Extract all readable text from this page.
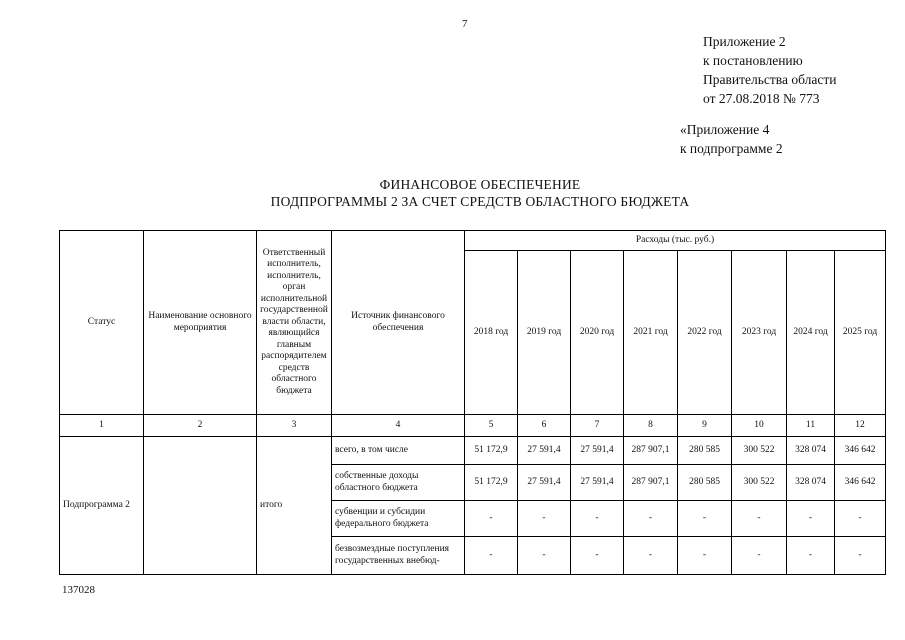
7
Приложение 2
к постановлению
Правительства области
от 27.08.2018 № 773
«Приложение 4
к подпрограмме 2
ФИНАНСОВОЕ ОБЕСПЕЧЕНИЕ
ПОДПРОГРАММЫ 2 ЗА СЧЕТ СРЕДСТВ ОБЛАСТНОГО БЮДЖЕТА
Статус	Наименование основного мероприятия	Ответственный исполнитель, исполнитель, орган исполнительной государственной власти области, являющийся главным распорядителем средств областного бюджета	Источник финансового обеспечения	Расходы (тыс. руб.)							
				2018 год	2019 год	2020 год	2021 год	2022 год	2023 год	2024 год	2025 год
1	2	3	4	5	6	7	8	9	10	11	12
Подпрограмма 2		итого	всего, в том числе	51 172,9	27 591,4	27 591,4	287 907,1	280 585	300 522	328 074	346 642
			собственные доходы областного бюджета	51 172,9	27 591,4	27 591,4	287 907,1	280 585	300 522	328 074	346 642
			субвенции и субсидии федерального бюджета	-	-	-	-	-	-	-	-
			безвозмездные поступления государственных внебюд-	-	-	-	-	-	-	-	-
137028
